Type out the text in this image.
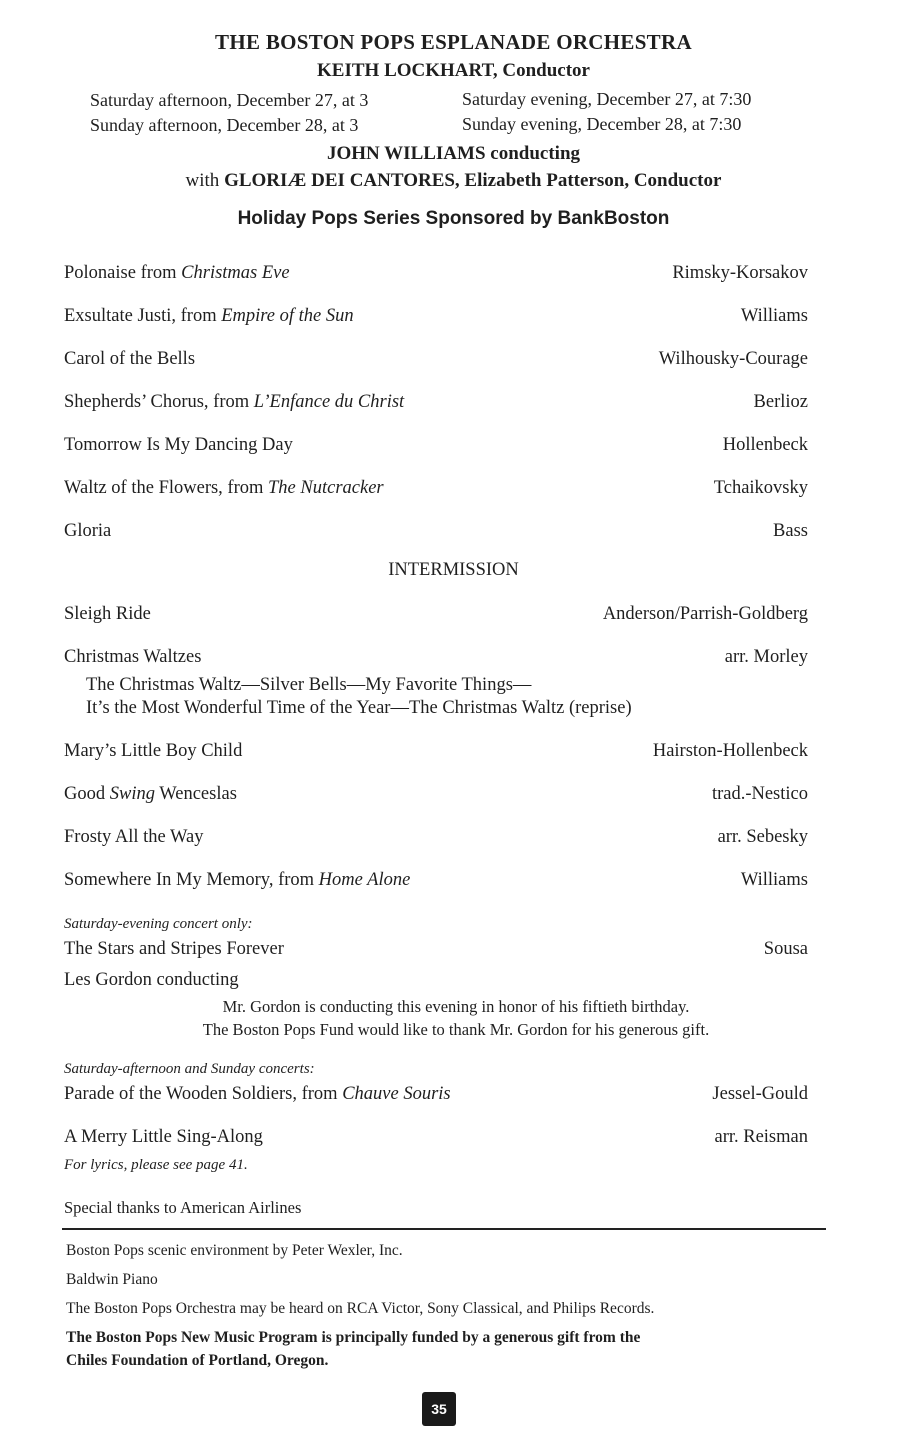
THE BOSTON POPS ESPLANADE ORCHESTRA
KEITH LOCKHART, Conductor
Saturday afternoon, December 27, at 3	Saturday evening, December 27, at 7:30
Sunday afternoon, December 28, at 3	Sunday evening, December 28, at 7:30
JOHN WILLIAMS conducting
with GLORIÆ DEI CANTORES, Elizabeth Patterson, Conductor
Holiday Pops Series Sponsored by BankBoston
Polonaise from Christmas Eve	Rimsky-Korsakov
Exsultate Justi, from Empire of the Sun	Williams
Carol of the Bells	Wilhousky-Courage
Shepherds’ Chorus, from L’Enfance du Christ	Berlioz
Tomorrow Is My Dancing Day	Hollenbeck
Waltz of the Flowers, from The Nutcracker	Tchaikovsky
Gloria	Bass
INTERMISSION
Sleigh Ride	Anderson/Parrish-Goldberg
Christmas Waltzes	arr. Morley
The Christmas Waltz—Silver Bells—My Favorite Things—
It’s the Most Wonderful Time of the Year—The Christmas Waltz (reprise)
Mary’s Little Boy Child	Hairston-Hollenbeck
Good Swing Wenceslas	trad.-Nestico
Frosty All the Way	arr. Sebesky
Somewhere In My Memory, from Home Alone	Williams
Saturday-evening concert only:
The Stars and Stripes Forever	Sousa
Les Gordon conducting
Mr. Gordon is conducting this evening in honor of his fiftieth birthday.
The Boston Pops Fund would like to thank Mr. Gordon for his generous gift.
Saturday-afternoon and Sunday concerts:
Parade of the Wooden Soldiers, from Chauve Souris	Jessel-Gould
A Merry Little Sing-Along	arr. Reisman
For lyrics, please see page 41.
Special thanks to American Airlines
Boston Pops scenic environment by Peter Wexler, Inc.
Baldwin Piano
The Boston Pops Orchestra may be heard on RCA Victor, Sony Classical, and Philips Records.
The Boston Pops New Music Program is principally funded by a generous gift from the
Chiles Foundation of Portland, Oregon.
35
